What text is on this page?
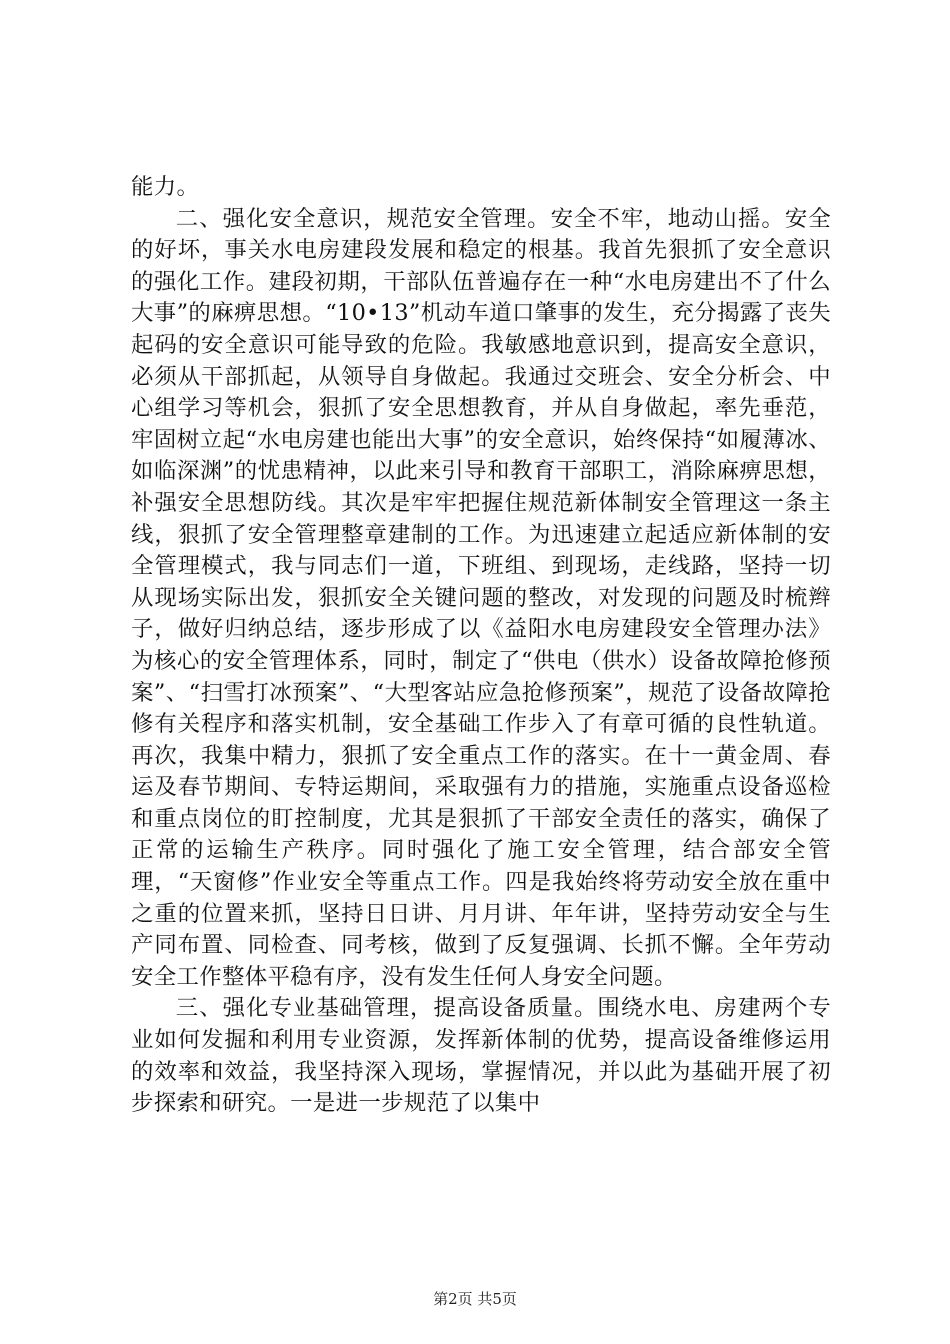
能力。

二、强化安全意识，规范安全管理。安全不牢，地动山摇。安全的好坏，事关水电房建段发展和稳定的根基。我首先狠抓了安全意识的强化工作。建段初期，干部队伍普遍存在一种“水电房建出不了什么大事”的麻痹思想。“10•13”机动车道口肇事的发生，充分揭露了丧失起码的安全意识可能导致的危险。我敏感地意识到，提高安全意识，必须从干部抓起，从领导自身做起。我通过交班会、安全分析会、中心组学习等机会，狠抓了安全思想教育，并从自身做起，率先垂范，牢固树立起“水电房建也能出大事”的安全意识，始终保持“如履薄冰、如临深渊”的忧患精神，以此来引导和教育干部职工，消除麻痹思想，补强安全思想防线。其次是牢牢把握住规范新体制安全管理这一条主线，狠抓了安全管理整章建制的工作。为迅速建立起适应新体制的安全管理模式，我与同志们一道，下班组、到现场，走线路，坚持一切从现场实际出发，狠抓安全关键问题的整改，对发现的问题及时梳辫子，做好归纳总结，逐步形成了以《益阳水电房建段安全管理办法》为核心的安全管理体系，同时，制定了“供电（供水）设备故障抢修预案”、“扫雪打冰预案”、“大型客站应急抢修预案”，规范了设备故障抢修有关程序和落实机制，安全基础工作步入了有章可循的良性轨道。再次，我集中精力，狠抓了安全重点工作的落实。在十一黄金周、春运及春节期间、专特运期间，采取强有力的措施，实施重点设备巡检和重点岗位的盯控制度，尤其是狠抓了干部安全责任的落实，确保了正常的运输生产秩序。同时强化了施工安全管理，结合部安全管理，“天窗修”作业安全等重点工作。四是我始终将劳动安全放在重中之重的位置来抓，坚持日日讲、月月讲、年年讲，坚持劳动安全与生产同布置、同检查、同考核，做到了反复强调、长抓不懈。全年劳动安全工作整体平稳有序，没有发生任何人身安全问题。

三、强化专业基础管理，提高设备质量。围绕水电、房建两个专业如何发掘和利用专业资源，发挥新体制的优势，提高设备维修运用的效率和效益，我坚持深入现场，掌握情况，并以此为基础开展了初步探索和研究。一是进一步规范了以集中

第2页 共5页
